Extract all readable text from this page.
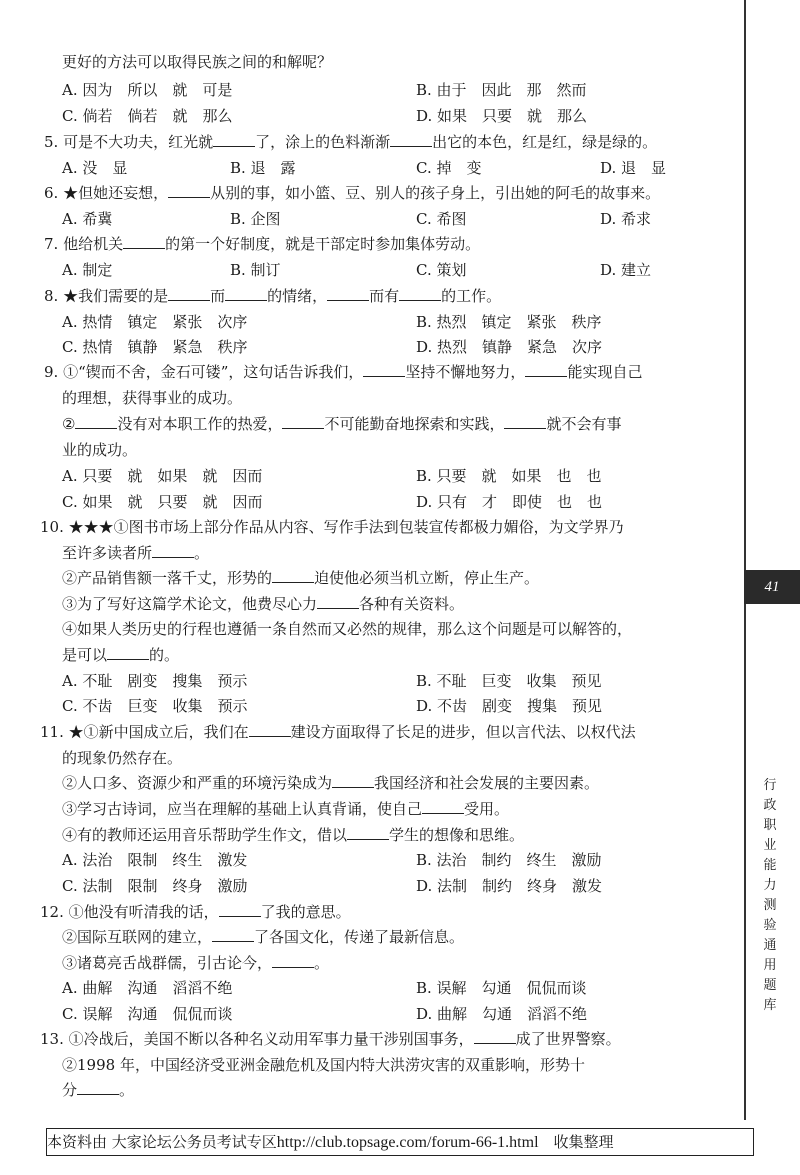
更好的方法可以取得民族之间的和解呢？
A. 因为　所以　就　可是	B. 由于　因此　那　然而
C. 倘若　倘若　就　那么	D. 如果　只要　就　那么
5. 可是不大功夫，红光就	了，涂上的色料渐渐	出它的本色，红是红，绿是绿的。
A. 没　显	B. 退　露	C. 掉　变	D. 退　显
6. ★但她还妄想，	从别的事，如小篮、豆、别人的孩子身上，引出她的阿毛的故事来。
A. 希冀	B. 企图	C. 希图	D. 希求
7. 他给机关	的第一个好制度，就是干部定时参加集体劳动。
A. 制定	B. 制订	C. 策划	D. 建立
8. ★我们需要的是	而	的情绪，	而有	的工作。
A. 热情　镇定　紧张　次序	B. 热烈　镇定　紧张　秩序
C. 热情　镇静　紧急　秩序	D. 热烈　镇静　紧急　次序
9. ①“锲而不舍，金石可镂”，这句话告诉我们，	坚持不懈地努力，	能实现自己
的理想，获得事业的成功。
②	没有对本职工作的热爱，	不可能勤奋地探索和实践，	就不会有事
业的成功。
A. 只要　就　如果　就　因而	B. 只要　就　如果　也　也
C. 如果　就　只要　就　因而	D. 只有　才　即使　也　也
10. ★★★①图书市场上部分作品从内容、写作手法到包装宣传都极力媚俗，为文学界乃
至许多读者所	。
②产品销售额一落千丈，形势的	迫使他必须当机立断，停止生产。
③为了写好这篇学术论文，他费尽心力	各种有关资料。
④如果人类历史的行程也遵循一条自然而又必然的规律，那么这个问题是可以解答的，
是可以	的。
A. 不耻　剧变　搜集　预示	B. 不耻　巨变　收集　预见
C. 不齿　巨变　收集　预示	D. 不齿　剧变　搜集　预见
11. ★①新中国成立后，我们在	建设方面取得了长足的进步，但以言代法、以权代法
的现象仍然存在。
②人口多、资源少和严重的环境污染成为	我国经济和社会发展的主要因素。
③学习古诗词，应当在理解的基础上认真背诵，使自己	受用。
④有的教师还运用音乐帮助学生作文，借以	学生的想像和思维。
A. 法治　限制　终生　激发	B. 法治　制约　终生　激励
C. 法制　限制　终身　激励	D. 法制　制约　终身　激发
12. ①他没有听清我的话，	了我的意思。
②国际互联网的建立，	了各国文化，传递了最新信息。
③诸葛亮舌战群儒，引古论今，	。
A. 曲解　沟通　滔滔不绝	B. 误解　勾通　侃侃而谈
C. 误解　沟通　侃侃而谈	D. 曲解　勾通　滔滔不绝
13. ①冷战后，美国不断以各种名义动用军事力量干涉别国事务，	成了世界警察。
②1998 年，中国经济受亚洲金融危机及国内特大洪涝灾害的双重影响，形势十
分	。
41
行政职业能力测验通用题库
本资料由 大家论坛公务员考试专区http://club.topsage.com/forum-66-1.html　 收集整理
